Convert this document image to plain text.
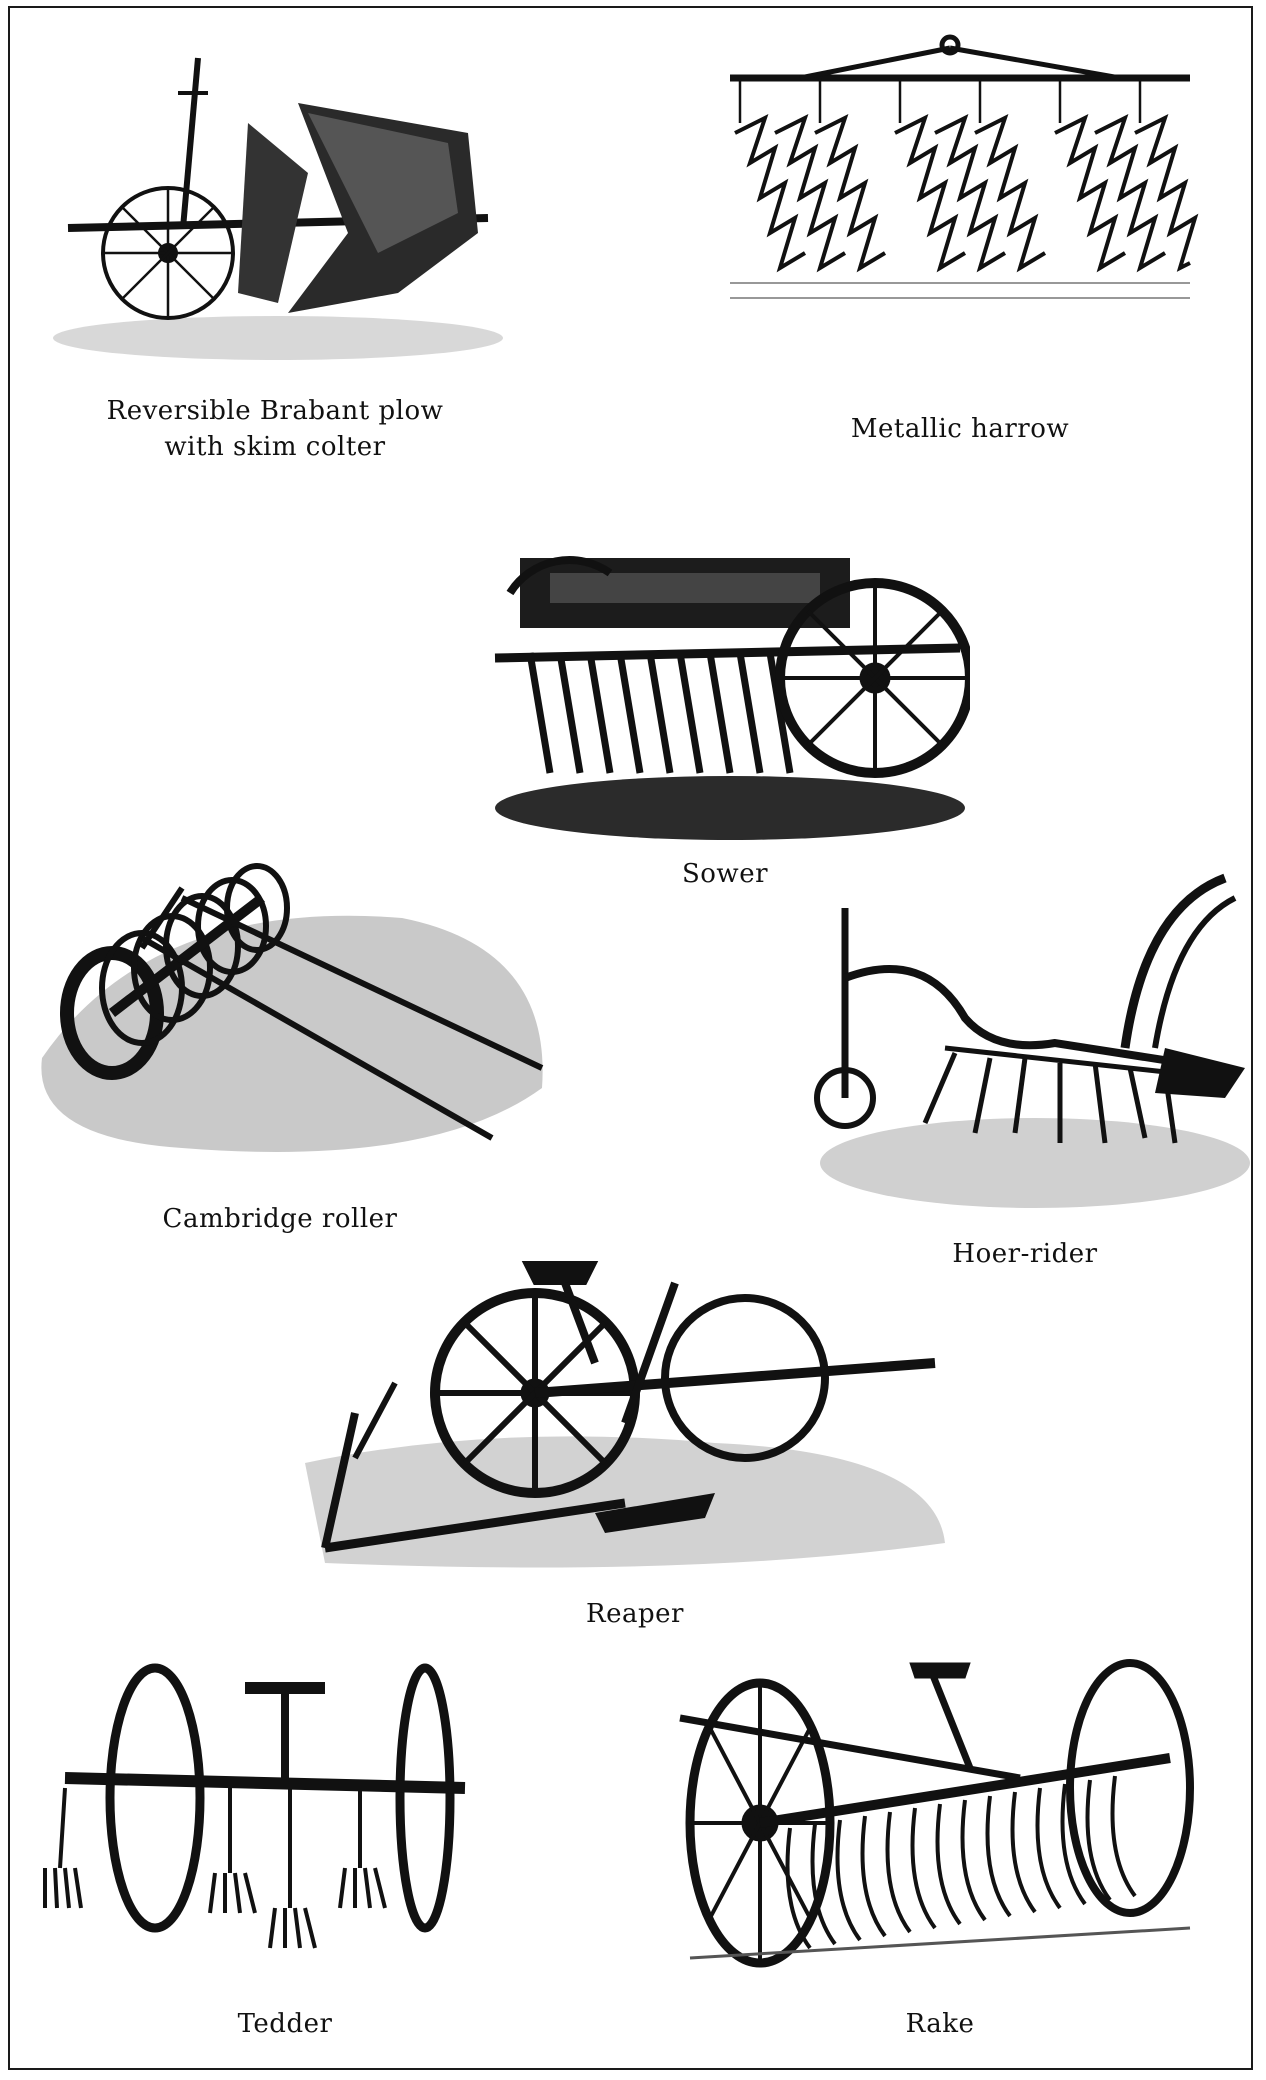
Reversible Brabant plow
with skim colter
Metallic harrow
Sower
Cambridge roller
Hoer-rider
Reaper
Tedder	Rake
